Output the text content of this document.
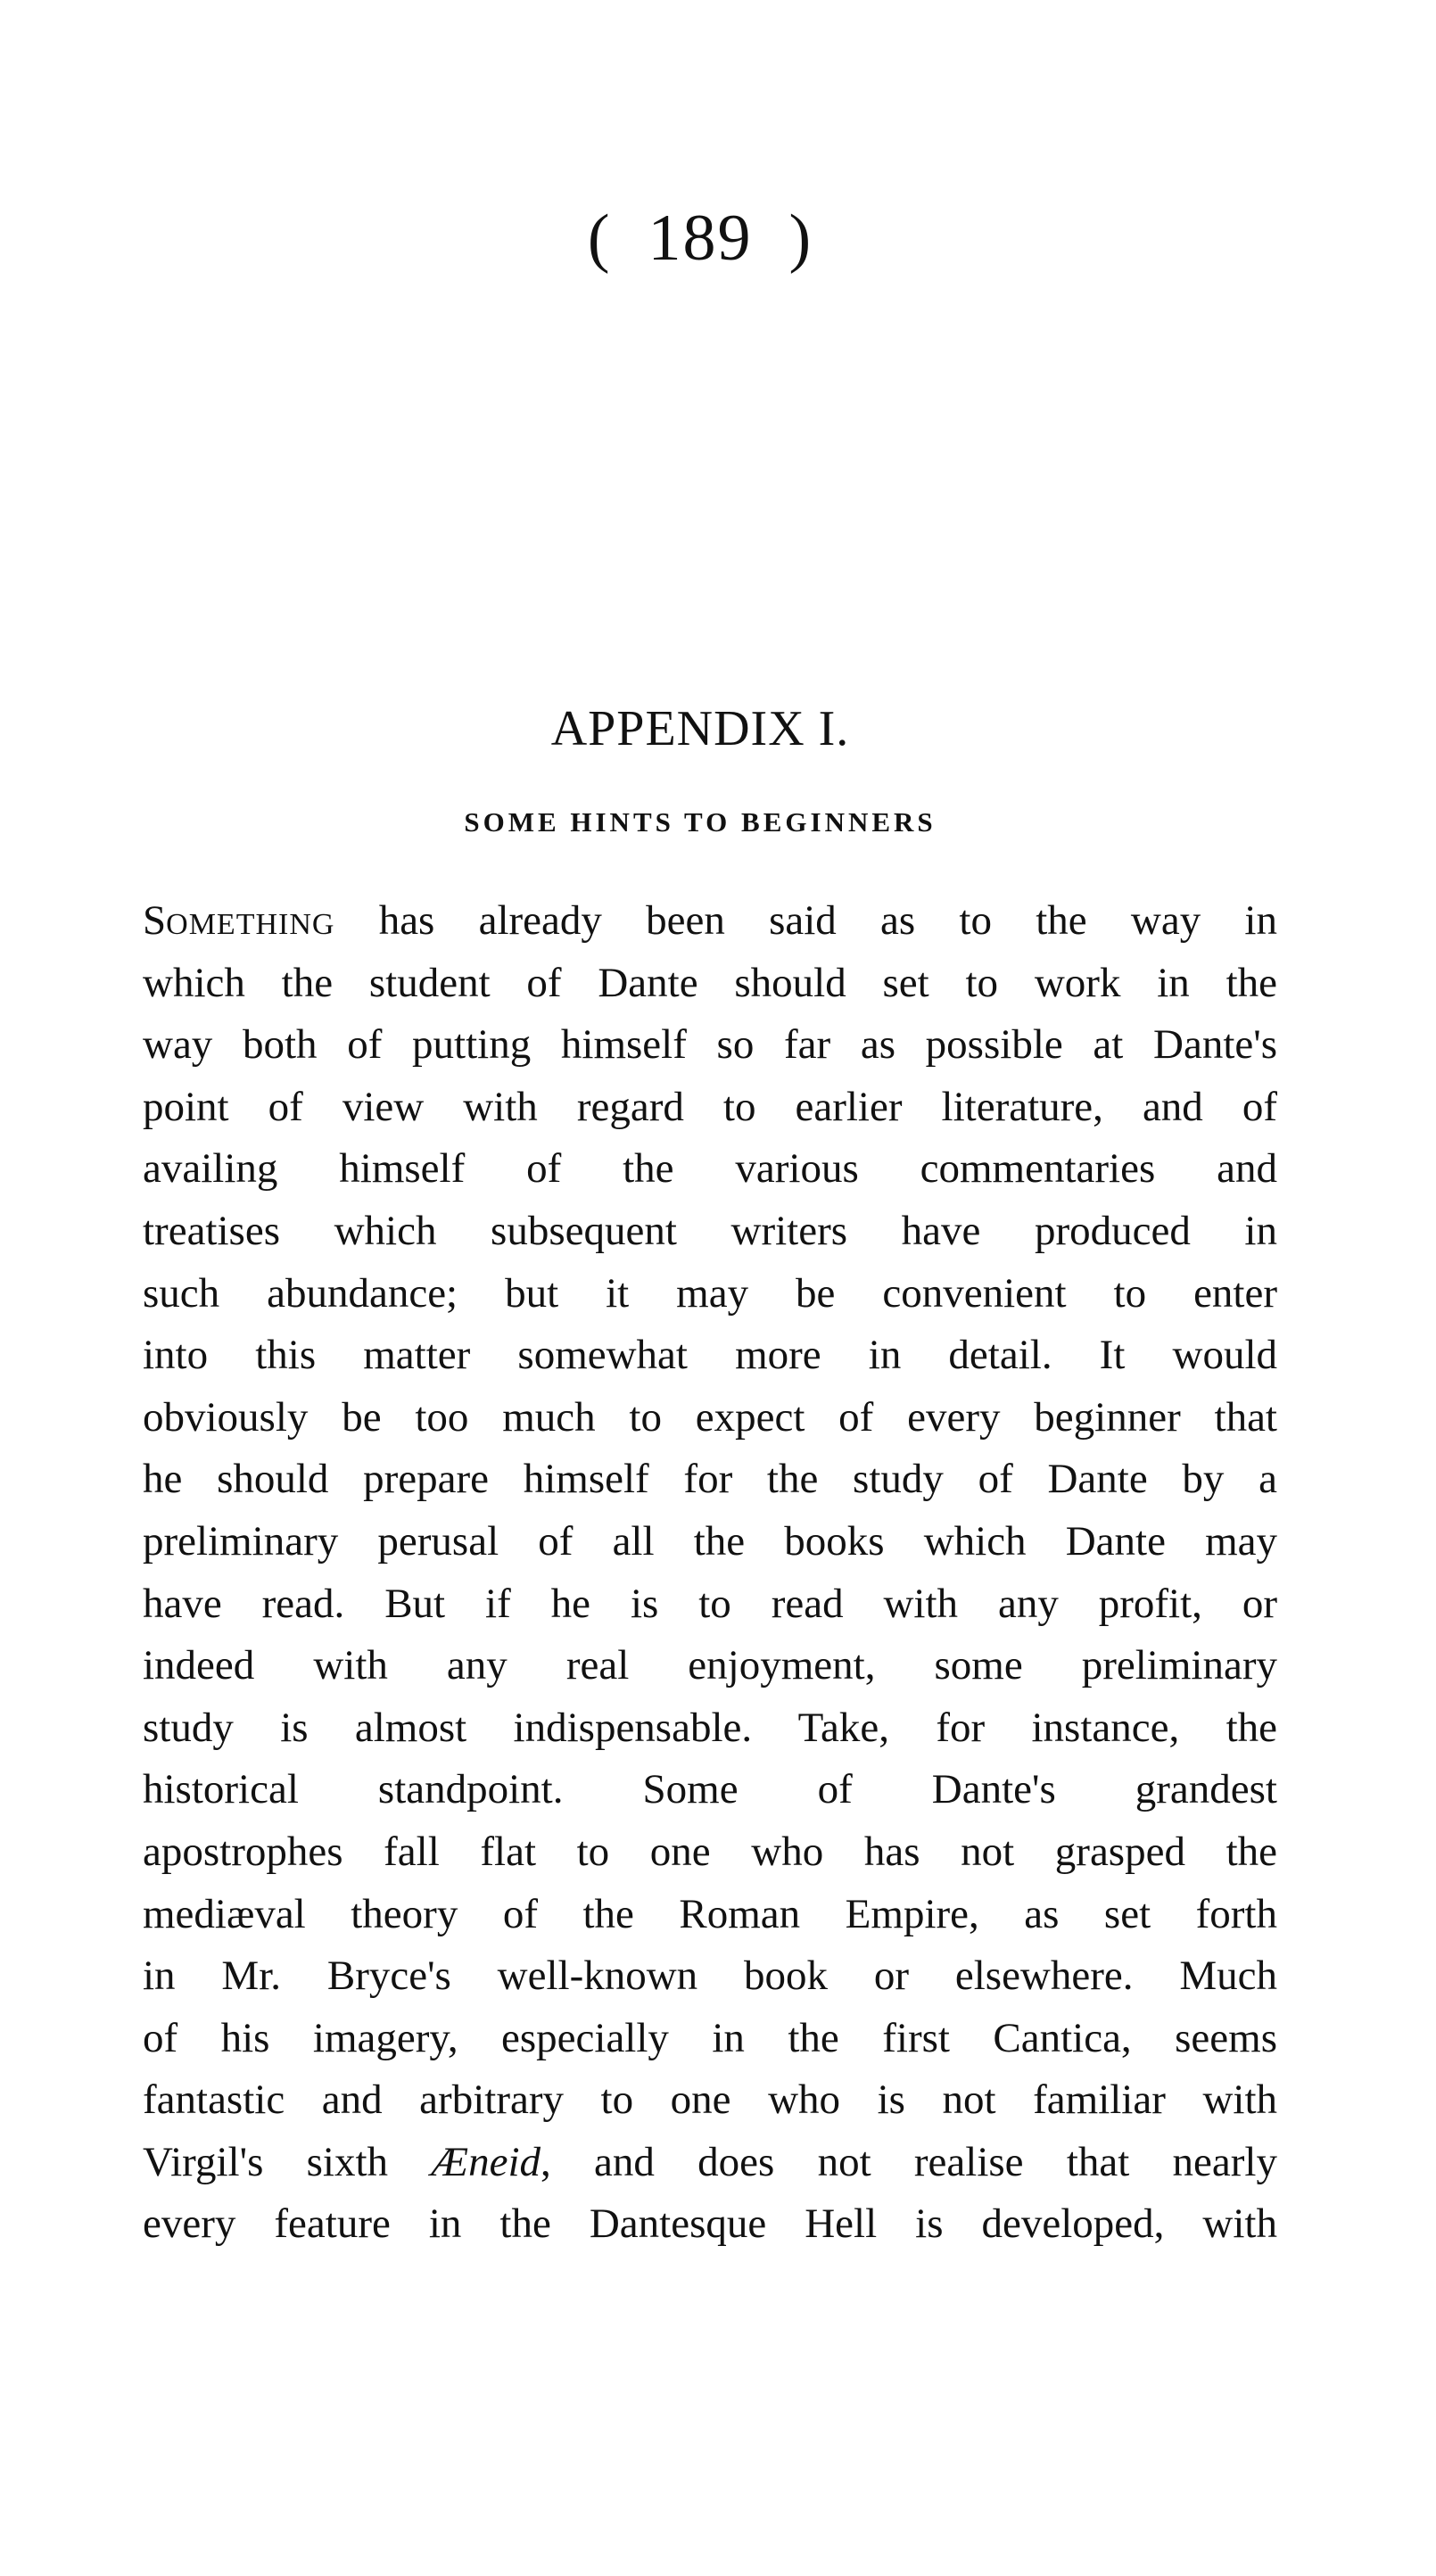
(  189  )
APPENDIX I.
SOME HINTS TO BEGINNERS
SOMETHING has already been said as to the way in
which the student of Dante should set to work in the
way both of putting himself so far as possible at Dante's
point of view with regard to earlier literature, and of
availing himself of the various commentaries and
treatises which subsequent writers have produced in
such abundance; but it may be convenient to enter
into this matter somewhat more in detail. It would
obviously be too much to expect of every beginner that
he should prepare himself for the study of Dante by a
preliminary perusal of all the books which Dante may
have read. But if he is to read with any profit, or
indeed with any real enjoyment, some preliminary
study is almost indispensable. Take, for instance, the
historical standpoint. Some of Dante's grandest
apostrophes fall flat to one who has not grasped the
mediæval theory of the Roman Empire, as set forth
in Mr. Bryce's well-known book or elsewhere. Much
of his imagery, especially in the first Cantica, seems
fantastic and arbitrary to one who is not familiar with
Virgil's sixth Æneid, and does not realise that nearly
every feature in the Dantesque Hell is developed, with
